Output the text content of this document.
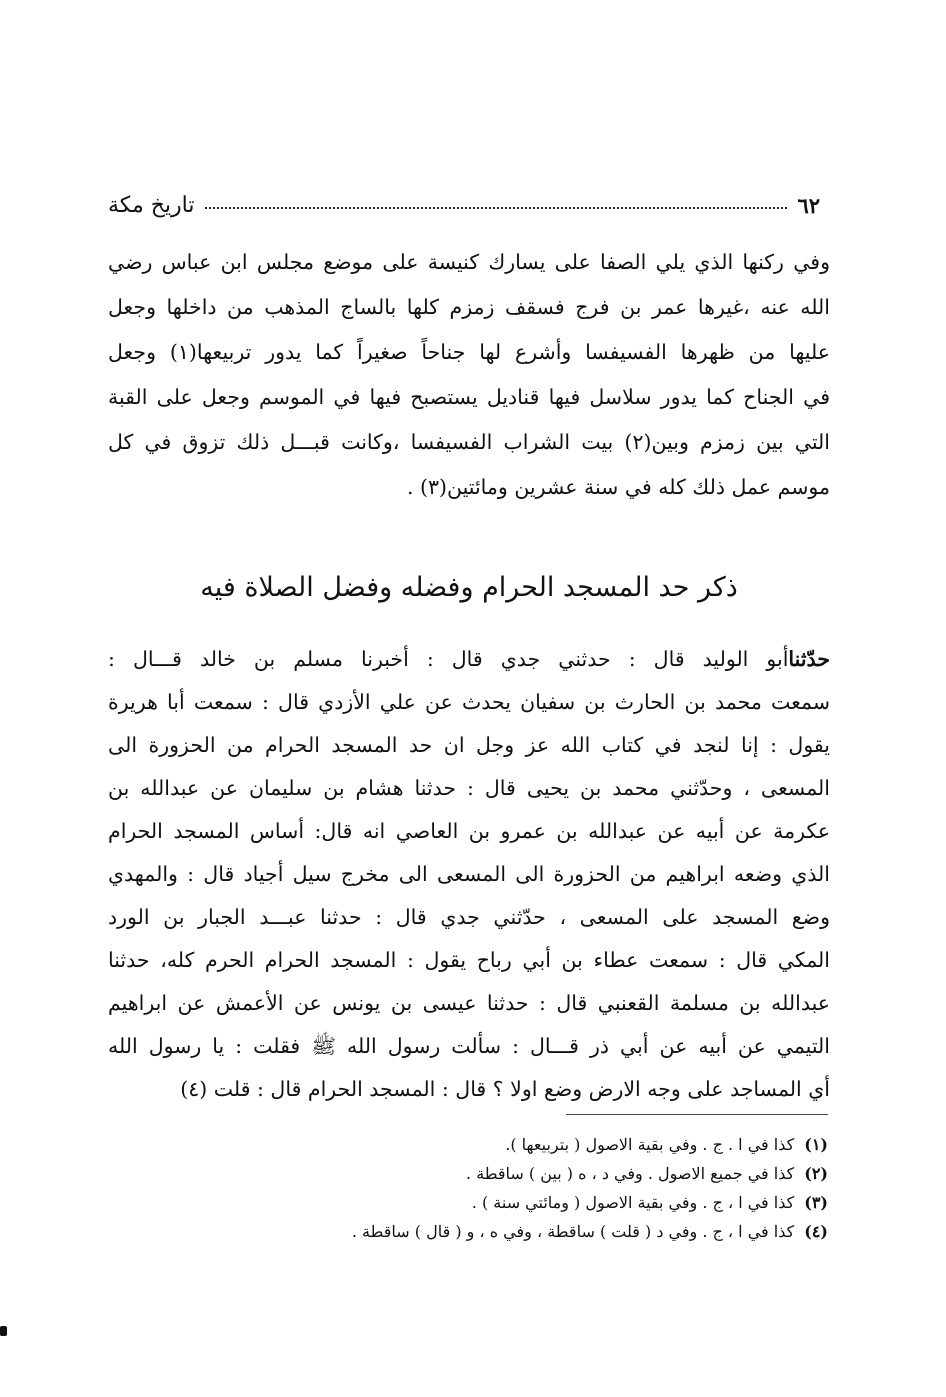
٦٢
تاريخ مكة
وفي ركنها الذي يلي الصفا على يسارك كنيسة على موضع مجلس ابن عباس رضي
الله عنه ،غيرها عمر بن فرج فسقف زمزم كلها بالساج المذهب من داخلها وجعل
عليها من ظهرها الفسيفسا وأشرع لها جناحاً صغيراً كما يدور تربيعها(١) وجعل
في الجناح كما يدور سلاسل فيها قناديل يستصبح فيها في الموسم وجعل على القبة
التي بين زمزم وبين(٢) بيت الشراب الفسيفسا ،وكانت قبـــل ذلك تزوق في كل
موسم عمل ذلك كله في سنة عشرين ومائتين(٣) .
ذكر حد المسجد الحرام وفضله وفضل الصلاة فيه
حدّثناأبو الوليد قال : حدثني جدي قال : أخبرنا مسلم بن خالد قـــال :
سمعت محمد بن الحارث بن سفيان يحدث عن علي الأزدي قال : سمعت أبا هريرة
يقول : إنا لنجد في كتاب الله عز وجل ان حد المسجد الحرام من الحزورة الى
المسعى ، وحدّثني محمد بن يحيى قال : حدثنا هشام بن سليمان عن عبدالله بن
عكرمة عن أبيه عن عبدالله بن عمرو بن العاصي انه قال: أساس المسجد الحرام
الذي وضعه ابراهيم من الحزورة الى المسعى الى مخرج سيل أجياد قال : والمهدي
وضع المسجد على المسعى ، حدّثني جدي قال : حدثنا عبـــد الجبار بن الورد
المكي قال : سمعت عطاء بن أبي رباح يقول : المسجد الحرام الحرم كله، حدثنا
عبدالله بن مسلمة القعنبي قال : حدثنا عيسى بن يونس عن الأعمش عن ابراهيم
التيمي عن أبيه عن أبي ذر قـــال : سألت رسول الله ﷺ فقلت : يا رسول الله
أي المساجد على وجه الارض وضع اولا ؟ قال : المسجد الحرام قال : قلت (٤)
(١)كذا في ا . ج . وفي بقية الاصول ( بتربيعها ).
(٢)كذا في جميع الاصول . وفي د ، ه ( بين ) ساقطة .
(٣)كذا في ا ، ج . وفي بقية الاصول ( ومائتي سنة ) .
(٤)كذا في ا ، ج . وفي د ( قلت ) ساقطة ، وفي ه ، و ( قال ) ساقطة .
